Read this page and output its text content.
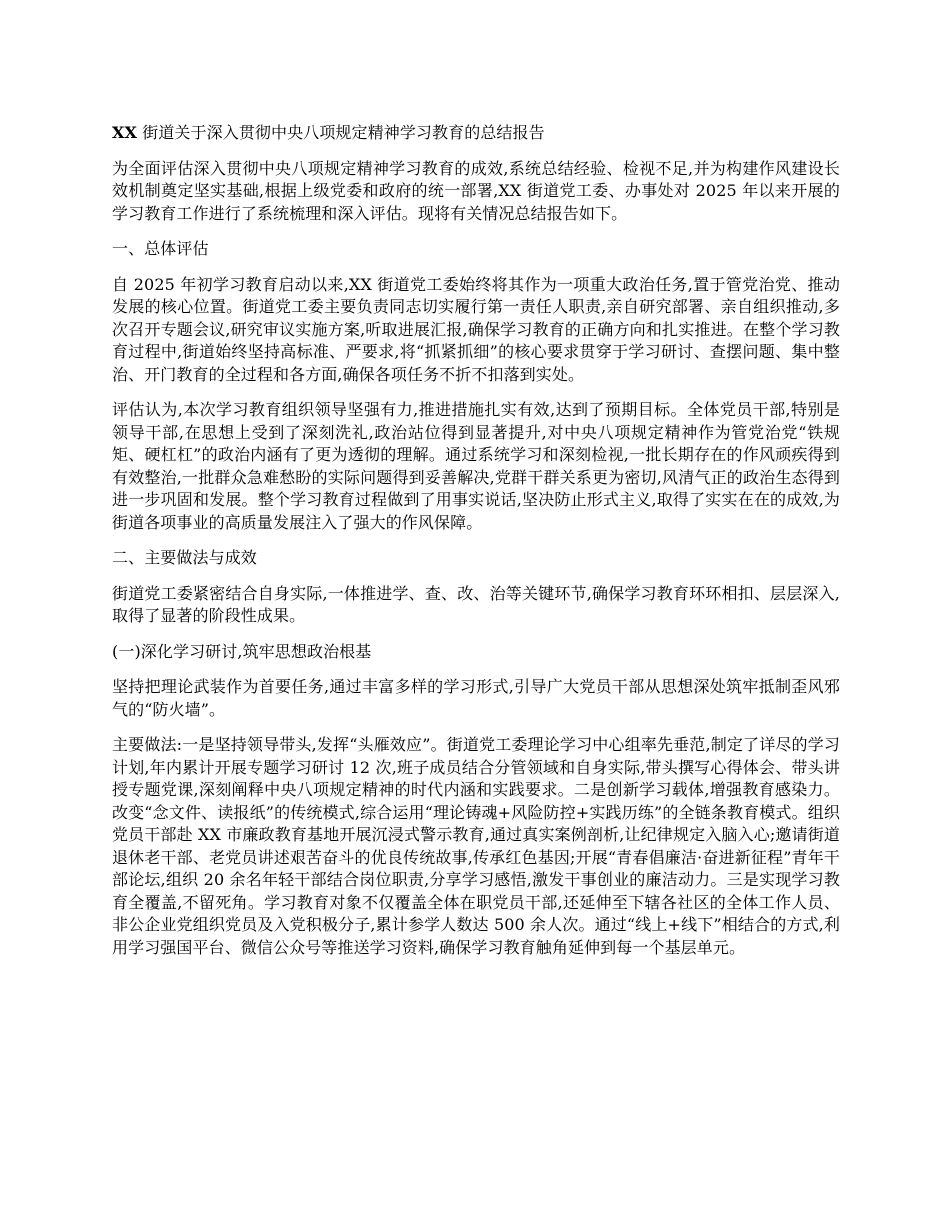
XX 街道关于深入贯彻中央八项规定精神学习教育的总结报告

为全面评估深入贯彻中央八项规定精神学习教育的成效,系统总结经验、检视不足,并为构建作风建设长效机制奠定坚实基础,根据上级党委和政府的统一部署,XX 街道党工委、办事处对 2025 年以来开展的学习教育工作进行了系统梳理和深入评估。现将有关情况总结报告如下。

一、总体评估

自 2025 年初学习教育启动以来,XX 街道党工委始终将其作为一项重大政治任务,置于管党治党、推动发展的核心位置。街道党工委主要负责同志切实履行第一责任人职责,亲自研究部署、亲自组织推动,多次召开专题会议,研究审议实施方案,听取进展汇报,确保学习教育的正确方向和扎实推进。在整个学习教育过程中,街道始终坚持高标准、严要求,将“抓紧抓细”的核心要求贯穿于学习研讨、查摆问题、集中整治、开门教育的全过程和各方面,确保各项任务不折不扣落到实处。

评估认为,本次学习教育组织领导坚强有力,推进措施扎实有效,达到了预期目标。全体党员干部,特别是领导干部,在思想上受到了深刻洗礼,政治站位得到显著提升,对中央八项规定精神作为管党治党“铁规矩、硬杠杠”的政治内涵有了更为透彻的理解。通过系统学习和深刻检视,一批长期存在的作风顽疾得到有效整治,一批群众急难愁盼的实际问题得到妥善解决,党群干群关系更为密切,风清气正的政治生态得到进一步巩固和发展。整个学习教育过程做到了用事实说话,坚决防止形式主义,取得了实实在在的成效,为街道各项事业的高质量发展注入了强大的作风保障。

二、主要做法与成效

街道党工委紧密结合自身实际,一体推进学、查、改、治等关键环节,确保学习教育环环相扣、层层深入,取得了显著的阶段性成果。

(一)深化学习研讨,筑牢思想政治根基

坚持把理论武装作为首要任务,通过丰富多样的学习形式,引导广大党员干部从思想深处筑牢抵制歪风邪气的“防火墙”。

主要做法:一是坚持领导带头,发挥“头雁效应”。街道党工委理论学习中心组率先垂范,制定了详尽的学习计划,年内累计开展专题学习研讨 12 次,班子成员结合分管领域和自身实际,带头撰写心得体会、带头讲授专题党课,深刻阐释中央八项规定精神的时代内涵和实践要求。二是创新学习载体,增强教育感染力。改变“念文件、读报纸”的传统模式,综合运用“理论铸魂+风险防控+实践历练”的全链条教育模式。组织党员干部赴 XX 市廉政教育基地开展沉浸式警示教育,通过真实案例剖析,让纪律规定入脑入心;邀请街道退休老干部、老党员讲述艰苦奋斗的优良传统故事,传承红色基因;开展“青春倡廉洁·奋进新征程”青年干部论坛,组织 20 余名年轻干部结合岗位职责,分享学习感悟,激发干事创业的廉洁动力。三是实现学习教育全覆盖,不留死角。学习教育对象不仅覆盖全体在职党员干部,还延伸至下辖各社区的全体工作人员、非公企业党组织党员及入党积极分子,累计参学人数达 500 余人次。通过“线上+线下”相结合的方式,利用学习强国平台、微信公众号等推送学习资料,确保学习教育触角延伸到每一个基层单元。
